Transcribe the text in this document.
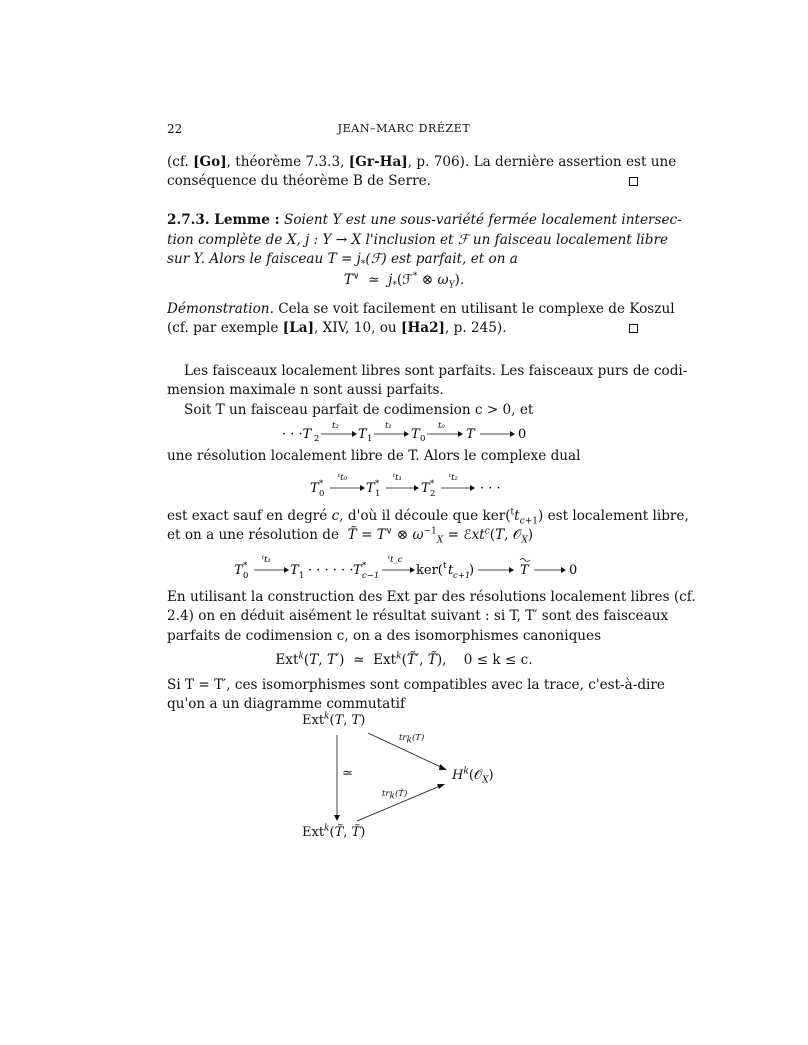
22	JEAN–MARC DRÉZET
(cf. [Go], théorème 7.3.3, [Gr-Ha], p. 706). La dernière assertion est une
conséquence du théorème B de Serre.
2.7.3. Lemme : Soient Y est une sous-variété fermée localement intersec-
tion complète de X, j : Y → X l'inclusion et ℱ un faisceau localement libre
sur Y. Alors le faisceau $T = j_*(ℱ)$ est parfait, et on a
T∨  ≃  $j_*(ℱ^*$ ⊗ $\omega_Y$).
Démonstration. Cela se voit facilement en utilisant le complexe de Koszul
(cf. par exemple [La], XIV, 10, ou [Ha2], p. 245).
Les faisceaux localement libres sont parfaits. Les faisceaux purs de codi-
mension maximale n sont aussi parfaits.
Soit T un faisceau parfait de codimension c > 0, et
· · ·T 2
t₂
T 1
t₁
T 0
t₀
T	0
une résolution localement libre de T. Alors le complexe dual
T *
0
ᵗt₀
T *
1
ᵗt₁
T *
2
ᵗt₂
· · ·
est exact sauf en degré c, d'où il découle que $ker(^tt_{c+1})$ est localement libre,
et on a une résolution de T̃ = T∨ ⊗ $\omega^{-1}_X$ = ℰxt$^c$(T, 𝒪$_X$)
T *
0
ᵗt₁
T 1 · · · · · · T *
c−1
ᵗt_c
ker( t t c+1
)	T	0
En utilisant la construction des Ext par des résolutions localement libres (cf.
2.4) on en déduit aisément le résultat suivant : si T, T′ sont des faisceaux
parfaits de codimension c, on a des isomorphismes canoniques
Ext$^k$(T, T′)  ≃  Ext$^k$(T̃′, T̃),    0 ≤ k ≤ c.
Si T = T′, ces isomorphismes sont compatibles avec la trace, c'est-à-dire
qu'on a un diagramme commutatif
Ext$^k$(T, T)
Ext$^k$(T̃, T̃)
$H^k(𝒪_X)$
≃
$tr_k(T)$
$tr_k(T̃)$
